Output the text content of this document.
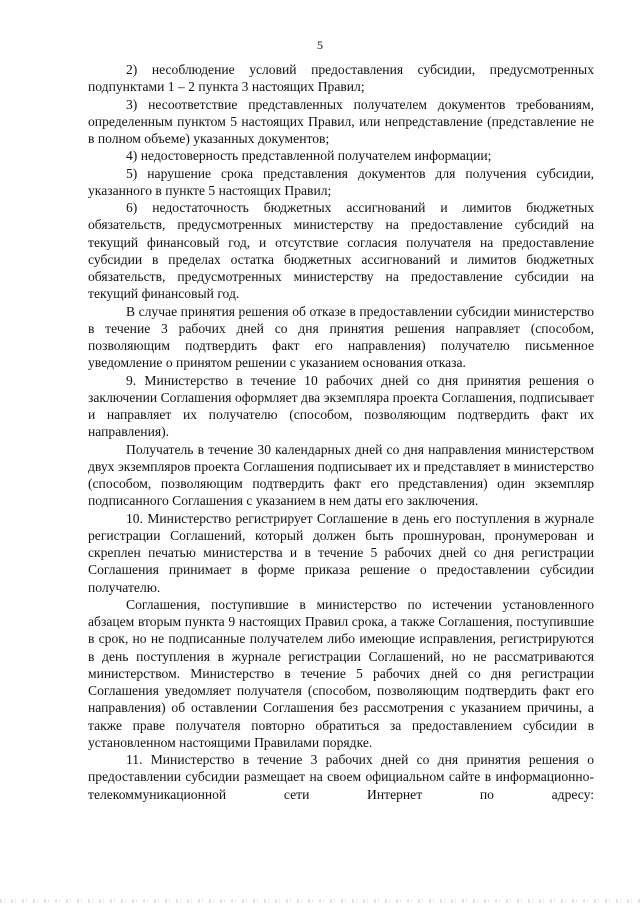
5

2) несоблюдение условий предоставления субсидии, предусмотренных подпунктами 1 – 2 пункта 3 настоящих Правил;

3) несоответствие представленных получателем документов требованиям, определенным пунктом 5 настоящих Правил, или непредставление (представление не в полном объеме) указанных документов;

4) недостоверность представленной получателем информации;

5) нарушение срока представления документов для получения субсидии, указанного в пункте 5 настоящих Правил;

6) недостаточность бюджетных ассигнований и лимитов бюджетных обязательств, предусмотренных министерству на предоставление субсидий на текущий финансовый год, и отсутствие согласия получателя на предоставление субсидии в пределах остатка бюджетных ассигнований и лимитов бюджетных обязательств, предусмотренных министерству на предоставление субсидии на текущий финансовый год.

В случае принятия решения об отказе в предоставлении субсидии министерство в течение 3 рабочих дней со дня принятия решения направляет (способом, позволяющим подтвердить факт его направления) получателю письменное уведомление о принятом решении с указанием основания отказа.

9. Министерство в течение 10 рабочих дней со дня принятия решения о заключении Соглашения оформляет два экземпляра проекта Соглашения, подписывает и направляет их получателю (способом, позволяющим подтвердить факт их направления).

Получатель в течение 30 календарных дней со дня направления министерством двух экземпляров проекта Соглашения подписывает их и представляет в министерство (способом, позволяющим подтвердить факт его представления) один экземпляр подписанного Соглашения с указанием в нем даты его заключения.

10. Министерство регистрирует Соглашение в день его поступления в журнале регистрации Соглашений, который должен быть прошнурован, пронумерован и скреплен печатью министерства и в течение 5 рабочих дней со дня регистрации Соглашения принимает в форме приказа решение о предоставлении субсидии получателю.

Соглашения, поступившие в министерство по истечении установленного абзацем вторым пункта 9 настоящих Правил срока, а также Соглашения, поступившие в срок, но не подписанные получателем либо имеющие исправления, регистрируются в день поступления в журнале регистрации Соглашений, но не рассматриваются министерством. Министерство в течение 5 рабочих дней со дня регистрации Соглашения уведомляет получателя (способом, позволяющим подтвердить факт его направления) об оставлении Соглашения без рассмотрения с указанием причины, а также праве получателя повторно обратиться за предоставлением субсидии в установленном настоящими Правилами порядке.

11. Министерство в течение 3 рабочих дней со дня принятия решения о предоставлении субсидии размещает на своем официальном сайте в информационно-телекоммуникационной сети Интернет по адресу:
